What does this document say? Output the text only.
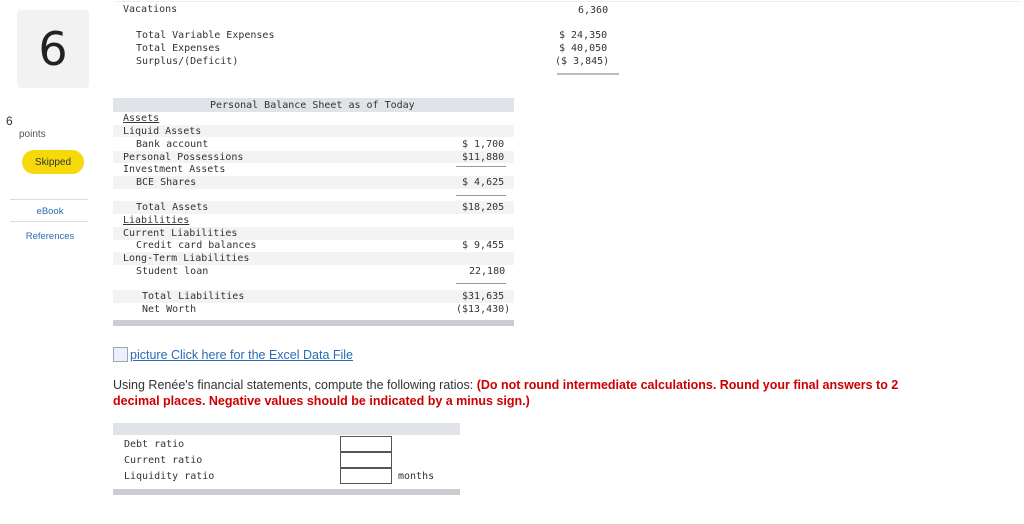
6
6
points
Skipped
eBook
References
Vacations	6,360
Total Variable Expenses	$ 24,350
Total Expenses	$ 40,050
Surplus/(Deficit)	($ 3,845)
Personal Balance Sheet as of Today
Assets
Liquid Assets
Bank account	$ 1,700
Personal Possessions	$11,880
Investment Assets
BCE Shares	$ 4,625
Total Assets	$18,205
Liabilities
Current Liabilities
Credit card balances	$ 9,455
Long-Term Liabilities
Student loan	22,180
Total Liabilities	$31,635
Net Worth	($13,430)
picture Click here for the Excel Data File
Using Renée's financial statements, compute the following ratios: (Do not round intermediate calculations. Round your final answers to 2 decimal places. Negative values should be indicated by a minus sign.)
Debt ratio
Current ratio
Liquidity ratio	months
